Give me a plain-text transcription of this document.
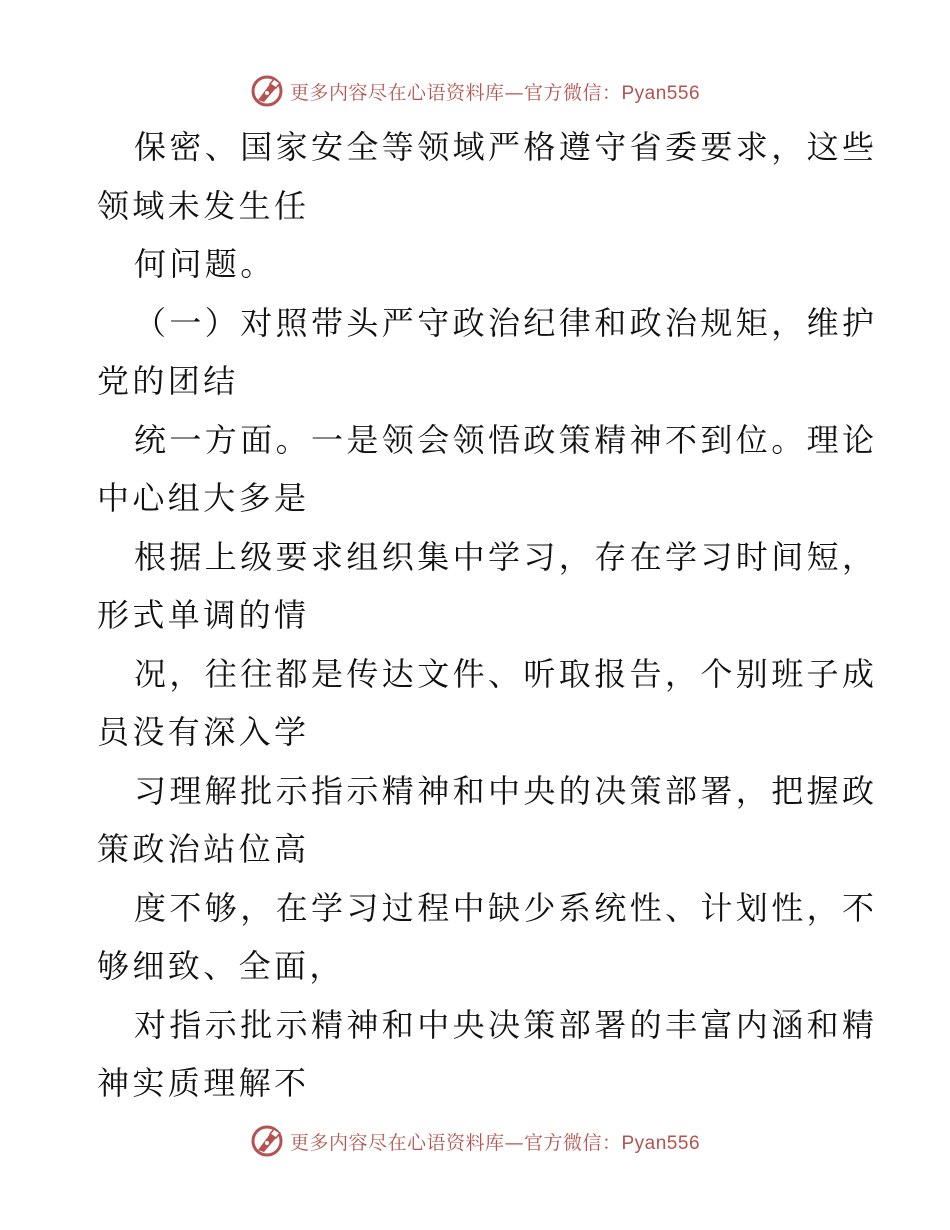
更多内容尽在心语资料库—官方微信：Pyan556
保密、国家安全等领域严格遵守省委要求，这些
领域未发生任
何问题。
（一）对照带头严守政治纪律和政治规矩，维护
党的团结
统一方面。一是领会领悟政策精神不到位。理论
中心组大多是
根据上级要求组织集中学习，存在学习时间短，
形式单调的情
况，往往都是传达文件、听取报告，个别班子成
员没有深入学
习理解批示指示精神和中央的决策部署，把握政
策政治站位高
度不够，在学习过程中缺少系统性、计划性，不
够细致、全面，
对指示批示精神和中央决策部署的丰富内涵和精
神实质理解不
更多内容尽在心语资料库—官方微信：Pyan556
